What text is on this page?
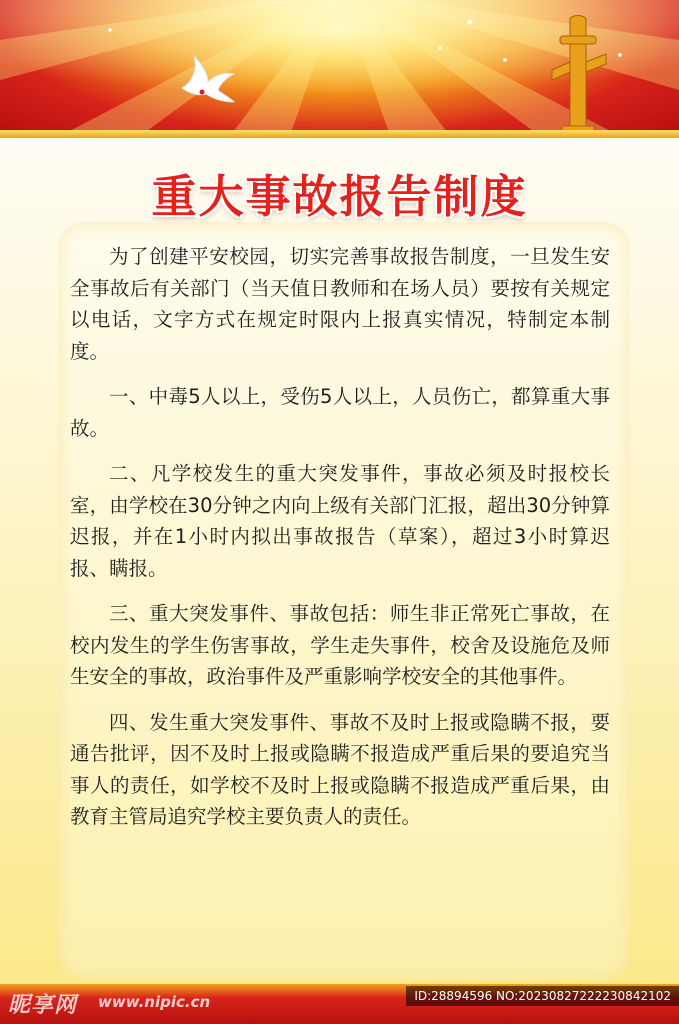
重大事故报告制度

为了创建平安校园，切实完善事故报告制度，一旦发生安全事故后有关部门（当天值日教师和在场人员）要按有关规定以电话，文字方式在规定时限内上报真实情况，特制定本制度。

一、中毒5人以上，受伤5人以上，人员伤亡，都算重大事故。

二、凡学校发生的重大突发事件，事故必须及时报校长室，由学校在30分钟之内向上级有关部门汇报，超出30分钟算迟报，并在1小时内拟出事故报告（草案），超过3小时算迟报、瞒报。

三、重大突发事件、事故包括：师生非正常死亡事故，在校内发生的学生伤害事故，学生走失事件，校舍及设施危及师生安全的事故，政治事件及严重影响学校安全的其他事件。

四、发生重大突发事件、事故不及时上报或隐瞒不报，要通告批评，因不及时上报或隐瞒不报造成严重后果的要追究当事人的责任，如学校不及时上报或隐瞒不报造成严重后果，由教育主管局追究学校主要负责人的责任。

昵享网 www.nipic.cn	ID:28894596 NO:20230827222230842102
